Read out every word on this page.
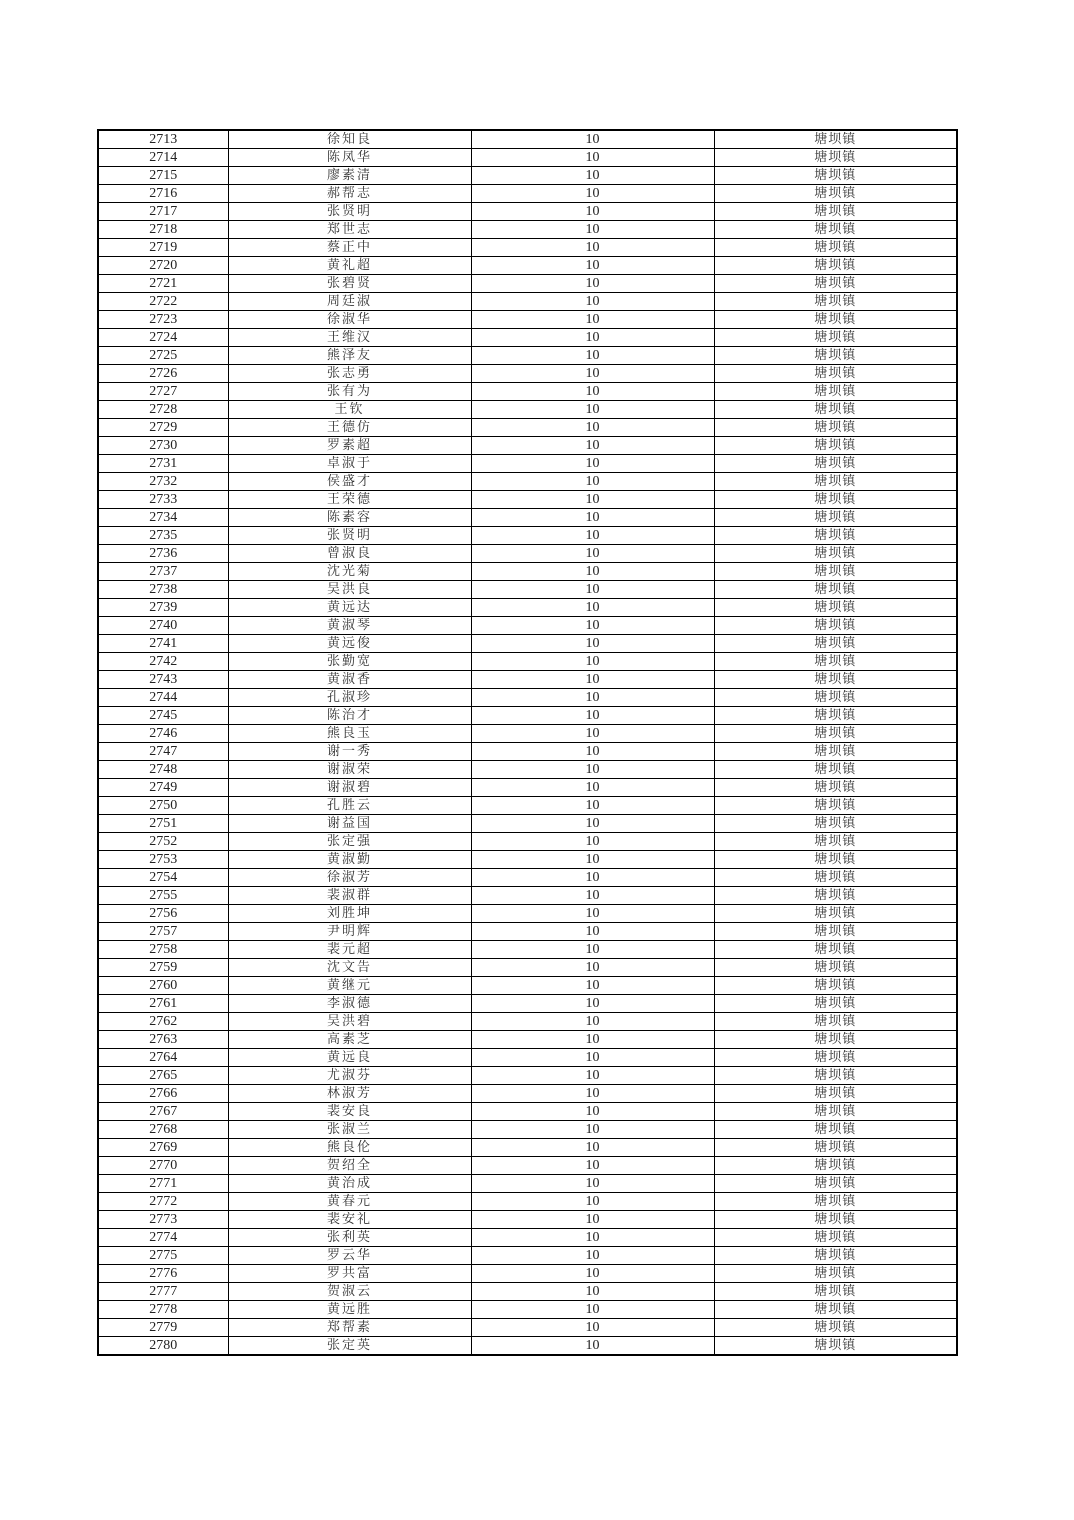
2713	徐知良	10	塘坝镇
2714	陈凤华	10	塘坝镇
2715	廖素清	10	塘坝镇
2716	郝帮志	10	塘坝镇
2717	张贤明	10	塘坝镇
2718	郑世志	10	塘坝镇
2719	蔡正中	10	塘坝镇
2720	黄礼超	10	塘坝镇
2721	张碧贤	10	塘坝镇
2722	周廷淑	10	塘坝镇
2723	徐淑华	10	塘坝镇
2724	王维汉	10	塘坝镇
2725	熊泽友	10	塘坝镇
2726	张志勇	10	塘坝镇
2727	张有为	10	塘坝镇
2728	王钦	10	塘坝镇
2729	王德仿	10	塘坝镇
2730	罗素超	10	塘坝镇
2731	卓淑于	10	塘坝镇
2732	侯盛才	10	塘坝镇
2733	王荣德	10	塘坝镇
2734	陈素容	10	塘坝镇
2735	张贤明	10	塘坝镇
2736	曾淑良	10	塘坝镇
2737	沈光菊	10	塘坝镇
2738	吴洪良	10	塘坝镇
2739	黄远达	10	塘坝镇
2740	黄淑琴	10	塘坝镇
2741	黄远俊	10	塘坝镇
2742	张勤宽	10	塘坝镇
2743	黄淑香	10	塘坝镇
2744	孔淑珍	10	塘坝镇
2745	陈治才	10	塘坝镇
2746	熊良玉	10	塘坝镇
2747	谢一秀	10	塘坝镇
2748	谢淑荣	10	塘坝镇
2749	谢淑碧	10	塘坝镇
2750	孔胜云	10	塘坝镇
2751	谢益国	10	塘坝镇
2752	张定强	10	塘坝镇
2753	黄淑勤	10	塘坝镇
2754	徐淑芳	10	塘坝镇
2755	裴淑群	10	塘坝镇
2756	刘胜坤	10	塘坝镇
2757	尹明辉	10	塘坝镇
2758	裴元超	10	塘坝镇
2759	沈文告	10	塘坝镇
2760	黄继元	10	塘坝镇
2761	李淑德	10	塘坝镇
2762	吴洪碧	10	塘坝镇
2763	高素芝	10	塘坝镇
2764	黄远良	10	塘坝镇
2765	尤淑芬	10	塘坝镇
2766	林淑芳	10	塘坝镇
2767	裴安良	10	塘坝镇
2768	张淑兰	10	塘坝镇
2769	熊良伦	10	塘坝镇
2770	贺绍全	10	塘坝镇
2771	黄治成	10	塘坝镇
2772	黄春元	10	塘坝镇
2773	裴安礼	10	塘坝镇
2774	张利英	10	塘坝镇
2775	罗云华	10	塘坝镇
2776	罗共富	10	塘坝镇
2777	贺淑云	10	塘坝镇
2778	黄远胜	10	塘坝镇
2779	郑帮素	10	塘坝镇
2780	张定英	10	塘坝镇
